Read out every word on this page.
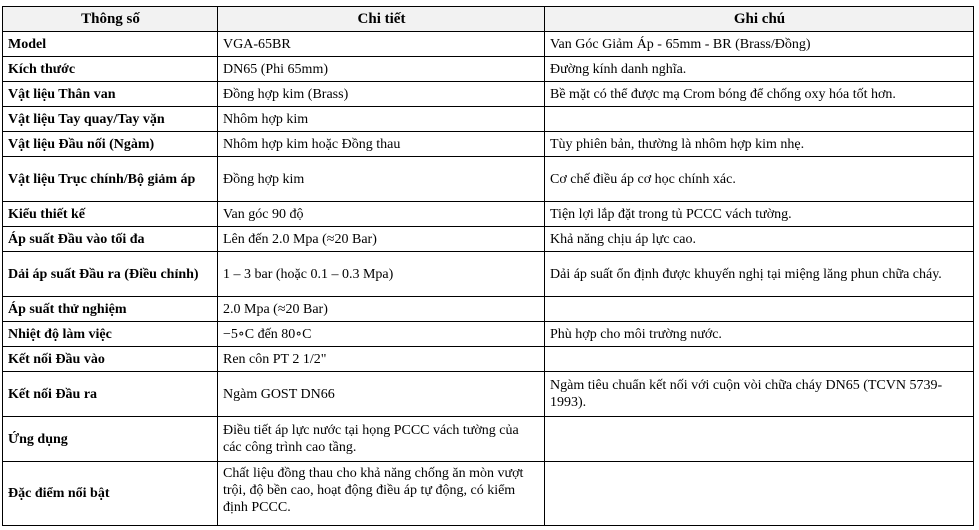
Thông số	Chi tiết	Ghi chú
Model	VGA-65BR	Van Góc Giảm Áp - 65mm - BR (Brass/Đồng)
Kích thước	DN65 (Phi 65mm)	Đường kính danh nghĩa.
Vật liệu Thân van	Đồng hợp kim (Brass)	Bề mặt có thể được mạ Crom bóng để chống oxy hóa tốt hơn.
Vật liệu Tay quay/Tay vặn	Nhôm hợp kim	
Vật liệu Đầu nối (Ngàm)	Nhôm hợp kim hoặc Đồng thau	Tùy phiên bản, thường là nhôm hợp kim nhẹ.
Vật liệu Trục chính/Bộ giảm áp	Đồng hợp kim	Cơ chế điều áp cơ học chính xác.
Kiểu thiết kế	Van góc 90 độ	Tiện lợi lắp đặt trong tủ PCCC vách tường.
Áp suất Đầu vào tối đa	Lên đến 2.0 Mpa (≈20 Bar)	Khả năng chịu áp lực cao.
Dải áp suất Đầu ra (Điều chỉnh)	1 – 3 bar (hoặc 0.1 – 0.3 Mpa)	Dải áp suất ổn định được khuyến nghị tại miệng lăng phun chữa cháy.
Áp suất thử nghiệm	2.0 Mpa (≈20 Bar)	
Nhiệt độ làm việc	−5∘C đến 80∘C	Phù hợp cho môi trường nước.
Kết nối Đầu vào	Ren côn PT 2 1/2"	
Kết nối Đầu ra	Ngàm GOST DN66	Ngàm tiêu chuẩn kết nối với cuộn vòi chữa cháy DN65 (TCVN 5739-1993).
Ứng dụng	Điều tiết áp lực nước tại họng PCCC vách tường của các công trình cao tầng.	
Đặc điểm nổi bật	Chất liệu đồng thau cho khả năng chống ăn mòn vượt trội, độ bền cao, hoạt động điều áp tự động, có kiểm định PCCC.	
